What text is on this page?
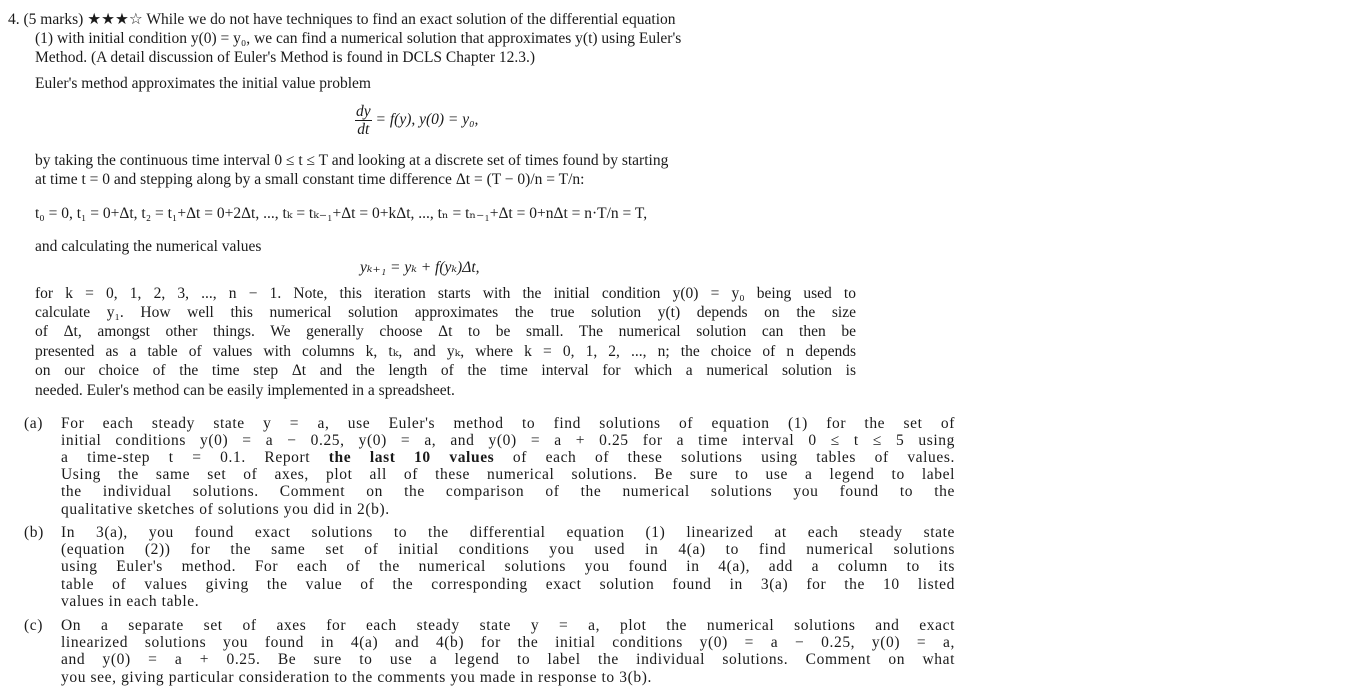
4. (5 marks) ★★★☆ While we do not have techniques to find an exact solution of the differential equation
(1) with initial condition y(0) = y₀, we can find a numerical solution that approximates y(t) using Euler's
Method. (A detail discussion of Euler's Method is found in DCLS Chapter 12.3.)
Euler's method approximates the initial value problem
$\frac{dy}{dt} = f(y)$, y(0) = y₀,
by taking the continuous time interval 0 ≤ t ≤ T and looking at a discrete set of times found by starting
at time t = 0 and stepping along by a small constant time difference Δt = (T − 0)/n = T/n:
t₀ = 0, t₁ = 0+Δt, t₂ = t₁+Δt = 0+2Δt, ..., tₖ = tₖ₋₁+Δt = 0+kΔt, ..., tₙ = tₙ₋₁+Δt = 0+nΔt = n·T/n = T,
and calculating the numerical values
yₖ₊₁ = yₖ + f(yₖ)Δt,
for k = 0, 1, 2, 3, ..., n − 1. Note, this iteration starts with the initial condition y(0) = y₀ being used to
calculate y₁. How well this numerical solution approximates the true solution y(t) depends on the size
of Δt, amongst other things. We generally choose Δt to be small. The numerical solution can then be
presented as a table of values with columns k, tₖ, and yₖ, where k = 0, 1, 2, ..., n; the choice of n depends
on our choice of the time step Δt and the length of the time interval for which a numerical solution is
needed. Euler's method can be easily implemented in a spreadsheet.
(a) For each steady state y = a, use Euler's method to find solutions of equation (1) for the set of
initial conditions y(0) = a − 0.25, y(0) = a, and y(0) = a + 0.25 for a time interval 0 ≤ t ≤ 5 using
a time-step t = 0.1. Report the last 10 values of each of these solutions using tables of values.
Using the same set of axes, plot all of these numerical solutions. Be sure to use a legend to label
the individual solutions. Comment on the comparison of the numerical solutions you found to the
qualitative sketches of solutions you did in 2(b).
(b) In 3(a), you found exact solutions to the differential equation (1) linearized at each steady state
(equation (2)) for the same set of initial conditions you used in 4(a) to find numerical solutions
using Euler's method. For each of the numerical solutions you found in 4(a), add a column to its
table of values giving the value of the corresponding exact solution found in 3(a) for the 10 listed
values in each table.
(c) On a separate set of axes for each steady state y = a, plot the numerical solutions and exact
linearized solutions you found in 4(a) and 4(b) for the initial conditions y(0) = a − 0.25, y(0) = a,
and y(0) = a + 0.25. Be sure to use a legend to label the individual solutions. Comment on what
you see, giving particular consideration to the comments you made in response to 3(b).
